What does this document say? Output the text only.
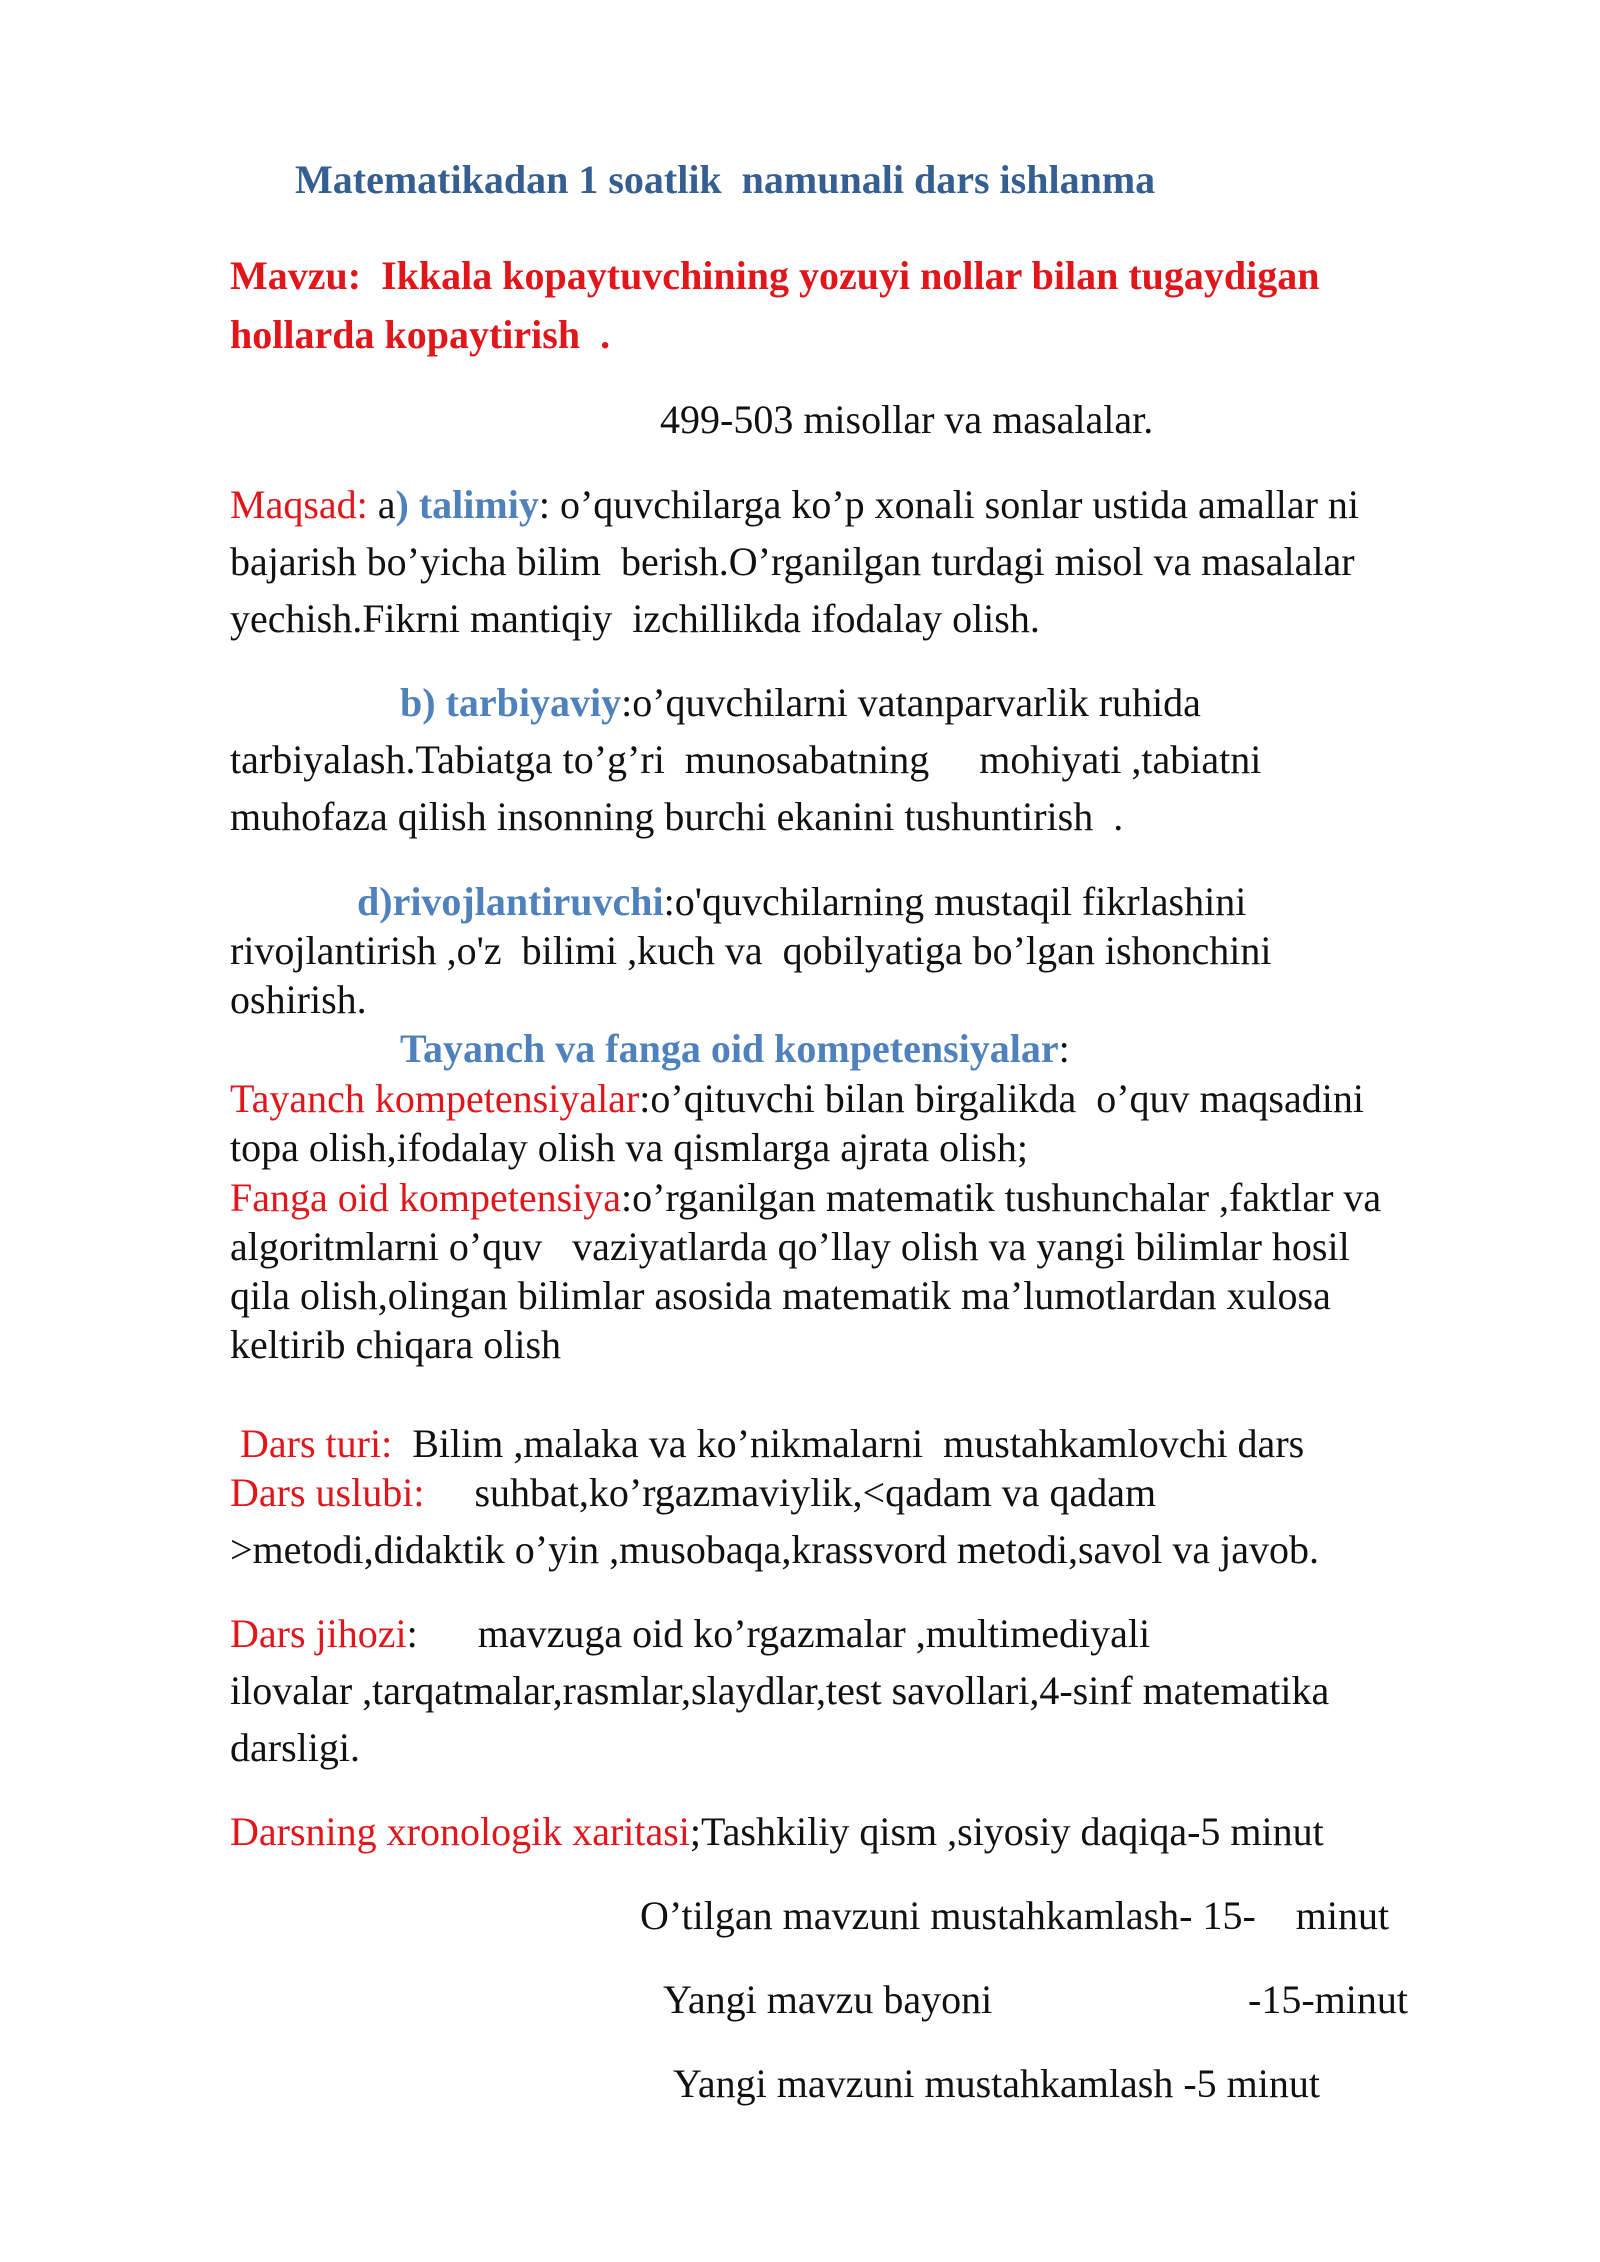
Matematikadan 1 soatlik  namunali dars ishlanma
Mavzu:  Ikkala kopaytuvchining yozuyi nollar bilan tugaydigan
hollarda kopaytirish  .
499-503 misollar va masalalar.
Maqsad: a) talimiy: o’quvchilarga ko’p xonali sonlar ustida amallar ni
bajarish bo’yicha bilim  berish.O’rganilgan turdagi misol va masalalar
yechish.Fikrni mantiqiy  izchillikda ifodalay olish.
b) tarbiyaviy:o’quvchilarni vatanparvarlik ruhida
tarbiyalash.Tabiatga to’g’ri  munosabatning     mohiyati ,tabiatni
muhofaza qilish insonning burchi ekanini tushuntirish  .
d)rivojlantiruvchi:o'quvchilarning mustaqil fikrlashini
rivojlantirish ,o'z  bilimi ,kuch va  qobilyatiga bo’lgan ishonchini
oshirish.
Tayanch va fanga oid kompetensiyalar:
Tayanch kompetensiyalar:o’qituvchi bilan birgalikda  o’quv maqsadini
topa olish,ifodalay olish va qismlarga ajrata olish;
Fanga oid kompetensiya:o’rganilgan matematik tushunchalar ,faktlar va
algoritmlarni o’quv   vaziyatlarda qo’llay olish va yangi bilimlar hosil
qila olish,olingan bilimlar asosida matematik ma’lumotlardan xulosa
keltirib chiqara olish
Dars turi:  Bilim ,malaka va ko’nikmalarni  mustahkamlovchi dars
Dars uslubi:     suhbat,ko’rgazmaviylik,<qadam va qadam
>metodi,didaktik o’yin ,musobaqa,krassvord metodi,savol va javob.
Dars jihozi:      mavzuga oid ko’rgazmalar ,multimediyali
ilovalar ,tarqatmalar,rasmlar,slaydlar,test savollari,4-sinf matematika
darsligi.
Darsning xronologik xaritasi;Tashkiliy qism ,siyosiy daqiqa-5 minut
O’tilgan mavzuni mustahkamlash- 15-    minut
Yangi mavzu bayoni	-15-minut
Yangi mavzuni mustahkamlash -5 minut
